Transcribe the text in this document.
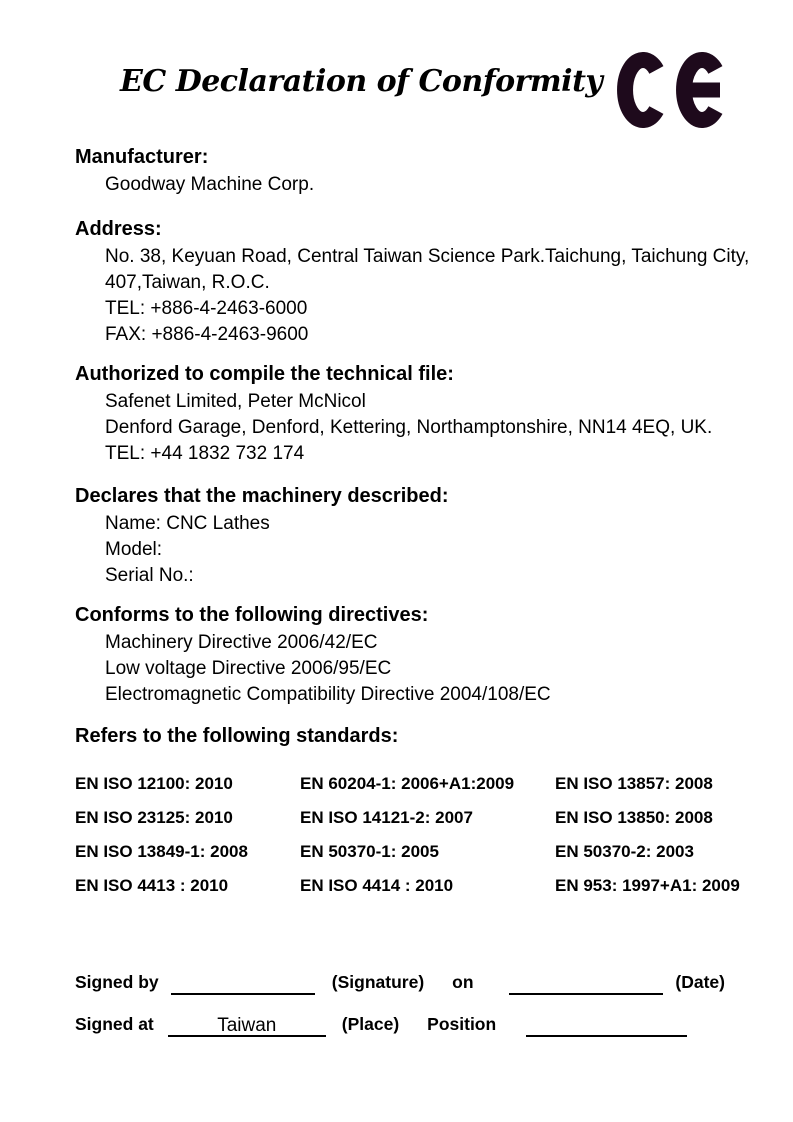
EC Declaration of Conformity
Manufacturer:
Goodway Machine Corp.
Address:
No. 38, Keyuan Road, Central Taiwan Science Park.Taichung, Taichung City,
407,Taiwan, R.O.C.
TEL: +886-4-2463-6000
FAX: +886-4-2463-9600
Authorized to compile the technical file:
Safenet Limited, Peter McNicol
Denford Garage, Denford, Kettering, Northamptonshire, NN14 4EQ, UK.
TEL: +44 1832 732 174
Declares that the machinery described:
Name: CNC Lathes
Model:
Serial No.:
Conforms to the following directives:
Machinery Directive 2006/42/EC
Low voltage Directive 2006/95/EC
Electromagnetic Compatibility Directive 2004/108/EC
Refers to the following standards:
EN ISO 12100: 2010	EN 60204-1: 2006+A1:2009	EN ISO 13857: 2008
EN ISO 23125: 2010	EN ISO 14121-2: 2007	EN ISO 13850: 2008
EN ISO 13849-1: 2008	EN 50370-1: 2005	EN 50370-2: 2003
EN ISO 4413 : 2010	EN ISO 4414 : 2010	EN 953: 1997+A1: 2009
Signed by	(Signature) on	(Date)
Signed at	Taiwan	(Place) Position
